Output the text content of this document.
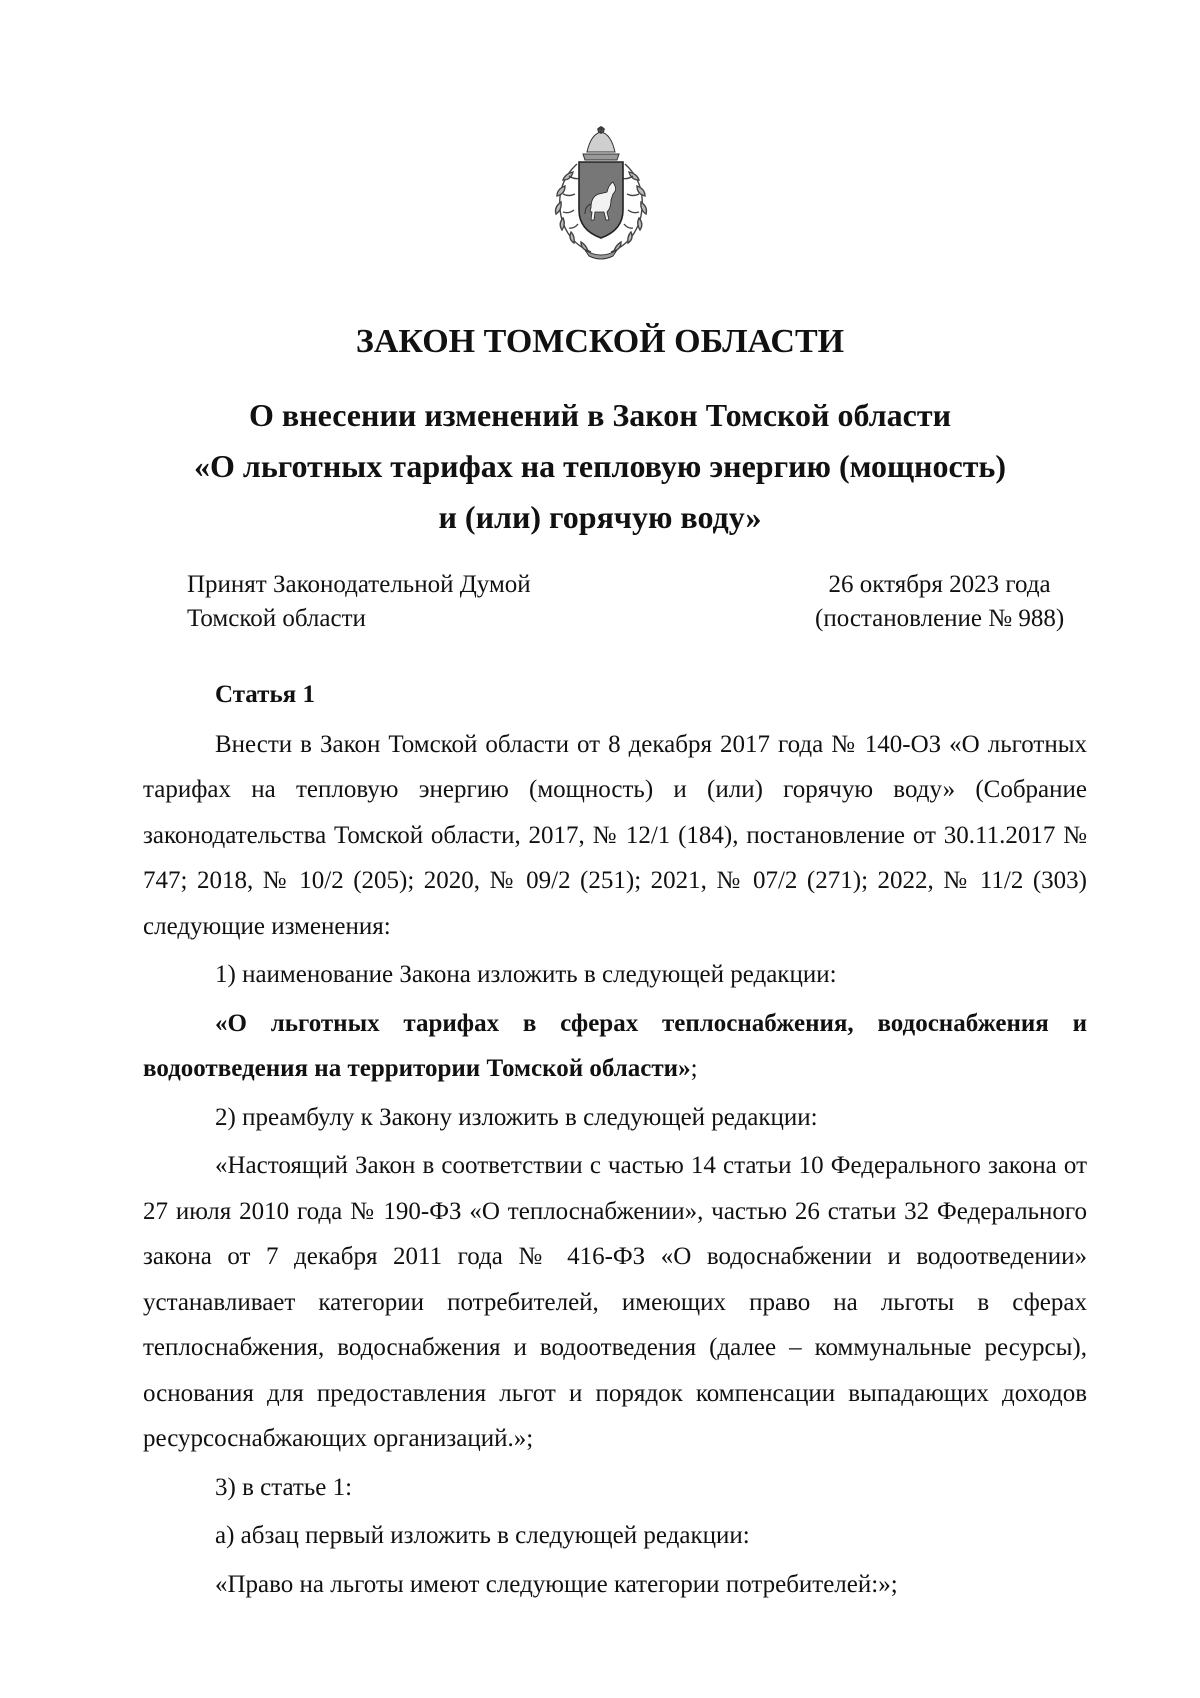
ЗАКОН ТОМСКОЙ ОБЛАСТИ
О внесении изменений в Закон Томской области
«О льготных тарифах на тепловую энергию (мощность)
и (или) горячую воду»
Принят Законодательной Думой
Томской области
26 октября 2023 года
(постановление № 988)

Статья 1

Внести в Закон Томской области от 8 декабря 2017 года № 140-ОЗ «О льготных тарифах на тепловую энергию (мощность) и (или) горячую воду» (Собрание законодательства Томской области, 2017, № 12/1 (184), постановление от 30.11.2017 № 747; 2018, № 10/2 (205); 2020, № 09/2 (251); 2021, № 07/2 (271); 2022, № 11/2 (303) следующие изменения:

1) наименование Закона изложить в следующей редакции:

«О льготных тарифах в сферах теплоснабжения, водоснабжения и водоотведения на территории Томской области»;

2) преамбулу к Закону изложить в следующей редакции:

«Настоящий Закон в соответствии с частью 14 статьи 10 Федерального закона от 27 июля 2010 года № 190-ФЗ «О теплоснабжении», частью 26 статьи 32 Федерального закона от 7 декабря 2011 года № 416-ФЗ «О водоснабжении и водоотведении» устанавливает категории потребителей, имеющих право на льготы в сферах теплоснабжения, водоснабжения и водоотведения (далее – коммунальные ресурсы), основания для предоставления льгот и порядок компенсации выпадающих доходов ресурсоснабжающих организаций.»;

3) в статье 1:

а) абзац первый изложить в следующей редакции:

«Право на льготы имеют следующие категории потребителей:»;
